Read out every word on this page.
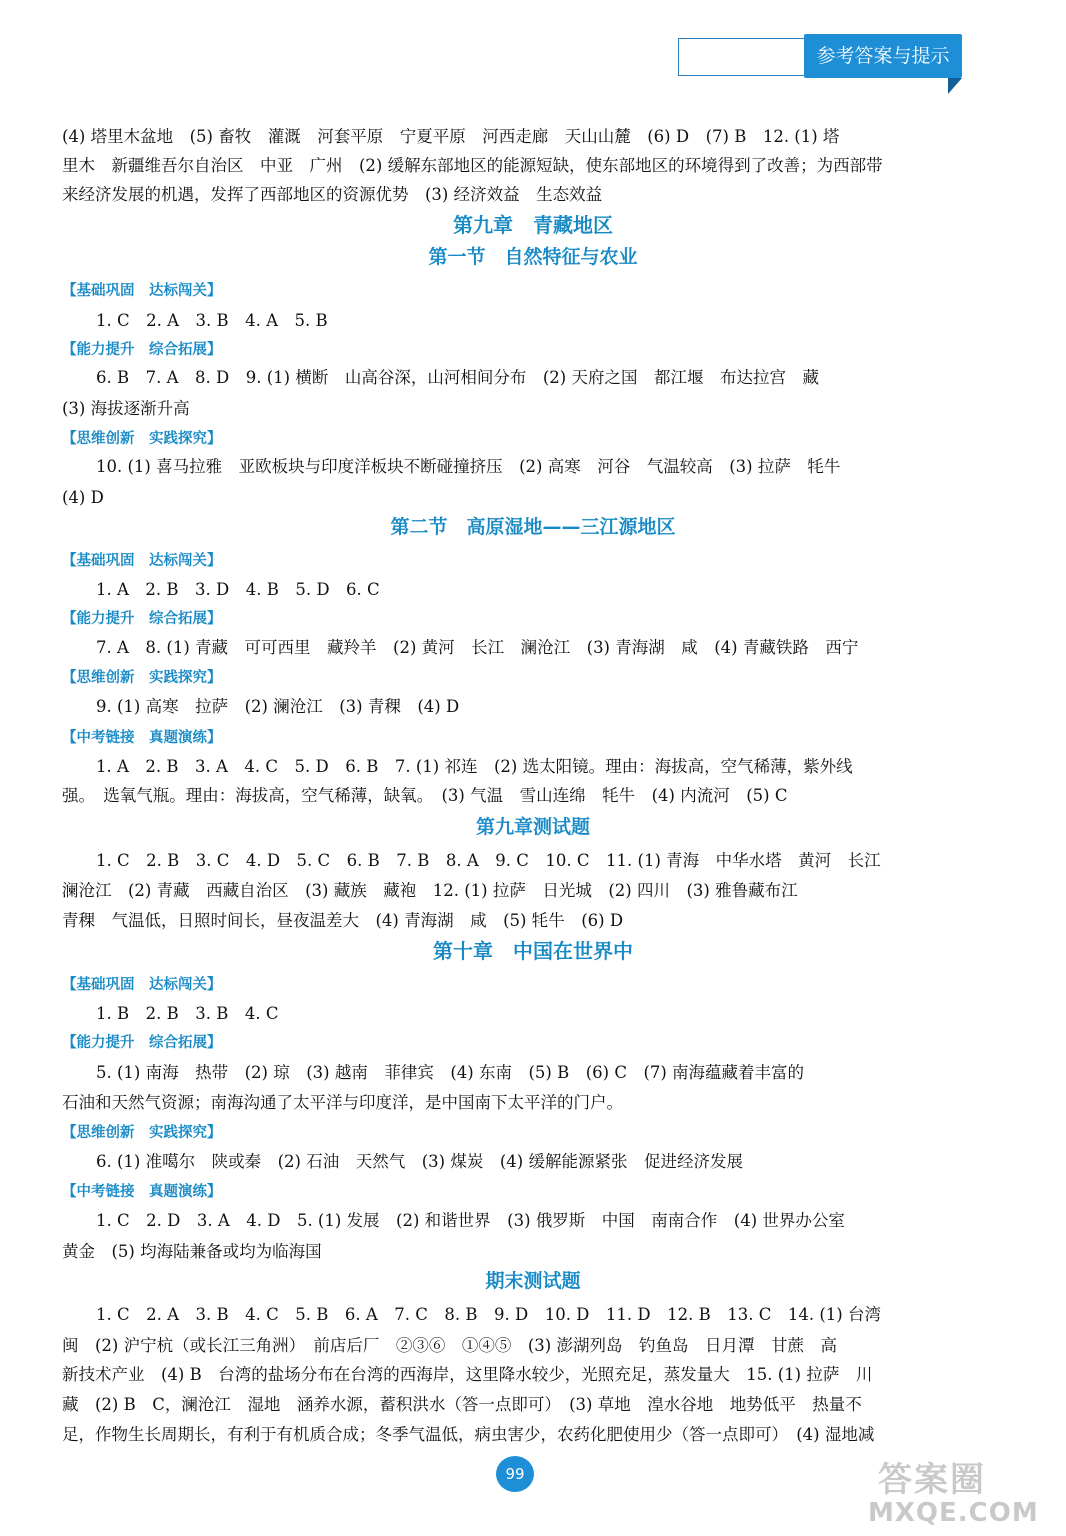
参考答案与提示
(4) 塔里木盆地　(5) 畜牧　灌溉　河套平原　宁夏平原　河西走廊　天山山麓　(6) D　(7) B　12. (1) 塔
里木　新疆维吾尔自治区　中亚　广州　(2) 缓解东部地区的能源短缺，使东部地区的环境得到了改善；为西部带
来经济发展的机遇，发挥了西部地区的资源优势　(3) 经济效益　生态效益
第九章　青藏地区
第一节　自然特征与农业
【基础巩固　达标闯关】
1. C　2. A　3. B　4. A　5. B
【能力提升　综合拓展】
6. B　7. A　8. D　9. (1) 横断　山高谷深，山河相间分布　(2) 天府之国　都江堰　布达拉宫　藏
(3) 海拔逐渐升高
【思维创新　实践探究】
10. (1) 喜马拉雅　亚欧板块与印度洋板块不断碰撞挤压　(2) 高寒　河谷　气温较高　(3) 拉萨　牦牛
(4) D
第二节　高原湿地——三江源地区
【基础巩固　达标闯关】
1. A　2. B　3. D　4. B　5. D　6. C
【能力提升　综合拓展】
7. A　8. (1) 青藏　可可西里　藏羚羊　(2) 黄河　长江　澜沧江　(3) 青海湖　咸　(4) 青藏铁路　西宁
【思维创新　实践探究】
9. (1) 高寒　拉萨　(2) 澜沧江　(3) 青稞　(4) D
【中考链接　真题演练】
1. A　2. B　3. A　4. C　5. D　6. B　7. (1) 祁连　(2) 选太阳镜。理由：海拔高，空气稀薄，紫外线
强。　选氧气瓶。理由：海拔高，空气稀薄，缺氧。　(3) 气温　雪山连绵　牦牛　(4) 内流河　(5) C
第九章测试题
1. C　2. B　3. C　4. D　5. C　6. B　7. B　8. A　9. C　10. C　11. (1) 青海　中华水塔　黄河　长江
澜沧江　(2) 青藏　西藏自治区　(3) 藏族　藏袍　12. (1) 拉萨　日光城　(2) 四川　(3) 雅鲁藏布江
青稞　气温低，日照时间长，昼夜温差大　(4) 青海湖　咸　(5) 牦牛　(6) D
第十章　中国在世界中
【基础巩固　达标闯关】
1. B　2. B　3. B　4. C
【能力提升　综合拓展】
5. (1) 南海　热带　(2) 琼　(3) 越南　菲律宾　(4) 东南　(5) B　(6) C　(7) 南海蕴藏着丰富的
石油和天然气资源；南海沟通了太平洋与印度洋，是中国南下太平洋的门户。
【思维创新　实践探究】
6. (1) 准噶尔　陕或秦　(2) 石油　天然气　(3) 煤炭　(4) 缓解能源紧张　促进经济发展
【中考链接　真题演练】
1. C　2. D　3. A　4. D　5. (1) 发展　(2) 和谐世界　(3) 俄罗斯　中国　南南合作　(4) 世界办公室
黄金　(5) 均海陆兼备或均为临海国
期末测试题
1. C　2. A　3. B　4. C　5. B　6. A　7. C　8. B　9. D　10. D　11. D　12. B　13. C　14. (1) 台湾
闽　(2) 沪宁杭（或长江三角洲）　前店后厂　②③⑥　①④⑤　(3) 澎湖列岛　钓鱼岛　日月潭　甘蔗　高
新技术产业　(4) B　台湾的盐场分布在台湾的西海岸，这里降水较少，光照充足，蒸发量大　15. (1) 拉萨　川
藏　(2) B　C，澜沧江　湿地　涵养水源，蓄积洪水（答一点即可）　(3) 草地　湟水谷地　地势低平　热量不
足，作物生长周期长，有利于有机质合成；冬季气温低，病虫害少，农药化肥使用少（答一点即可）　(4) 湿地减
99	答案圈
MXQE.COM
